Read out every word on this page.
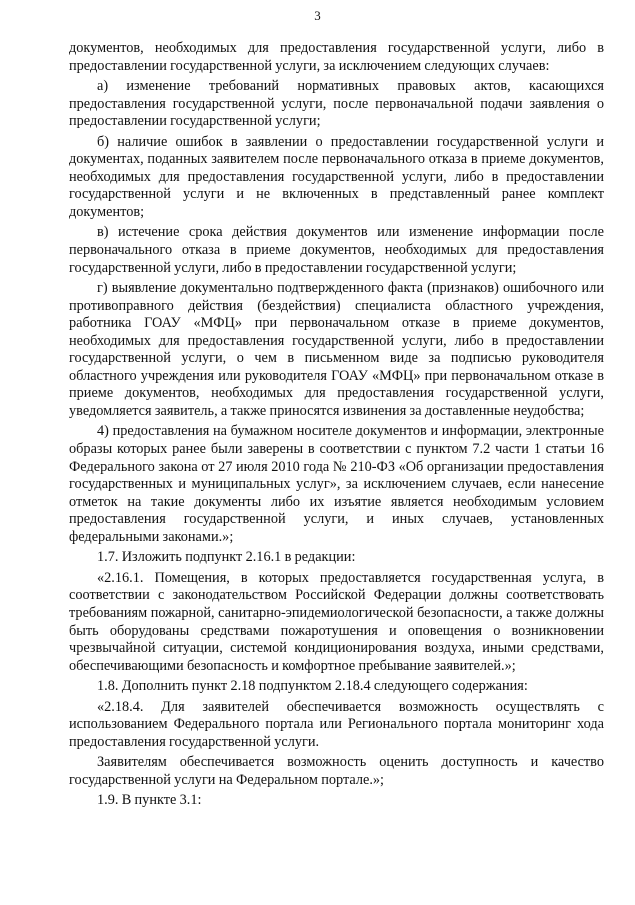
3

документов, необходимых для предоставления государственной услуги, либо в предоставлении государственной услуги, за исключением следующих случаев:

а) изменение требований нормативных правовых актов, касающихся предоставления государственной услуги, после первоначальной подачи заявления о предоставлении государственной услуги;

б) наличие ошибок в заявлении о предоставлении государственной услуги и документах, поданных заявителем после первоначального отказа в приеме документов, необходимых для предоставления государственной услуги, либо в предоставлении государственной услуги и не включенных в представленный ранее комплект документов;

в) истечение срока действия документов или изменение информации после первоначального отказа в приеме документов, необходимых для предоставления государственной услуги, либо в предоставлении государственной услуги;

г) выявление документально подтвержденного факта (признаков) ошибочного или противоправного действия (бездействия) специалиста областного учреждения, работника ГОАУ «МФЦ» при первоначальном отказе в приеме документов, необходимых для предоставления государственной услуги, либо в предоставлении государственной услуги, о чем в письменном виде за подписью руководителя областного учреждения или руководителя ГОАУ «МФЦ» при первоначальном отказе в приеме документов, необходимых для предоставления государственной услуги, уведомляется заявитель, а также приносятся извинения за доставленные неудобства;

4) предоставления на бумажном носителе документов и информации, электронные образы которых ранее были заверены в соответствии с пунктом 7.2 части 1 статьи 16 Федерального закона от 27 июля 2010 года № 210-ФЗ «Об организации предоставления государственных и муниципальных услуг», за исключением случаев, если нанесение отметок на такие документы либо их изъятие является необходимым условием предоставления государственной услуги, и иных случаев, установленных федеральными законами.»;

1.7. Изложить подпункт 2.16.1 в редакции:

«2.16.1. Помещения, в которых предоставляется государственная услуга, в соответствии с законодательством Российской Федерации должны соответствовать требованиям пожарной, санитарно-эпидемиологической безопасности, а также должны быть оборудованы средствами пожаротушения и оповещения о возникновении чрезвычайной ситуации, системой кондиционирования воздуха, иными средствами, обеспечивающими безопасность и комфортное пребывание заявителей.»;

1.8. Дополнить пункт 2.18 подпунктом 2.18.4 следующего содержания:

«2.18.4. Для заявителей обеспечивается возможность осуществлять с использованием Федерального портала или Регионального портала мониторинг хода предоставления государственной услуги.

Заявителям обеспечивается возможность оценить доступность и качество государственной услуги на Федеральном портале.»;

1.9. В пункте 3.1:
